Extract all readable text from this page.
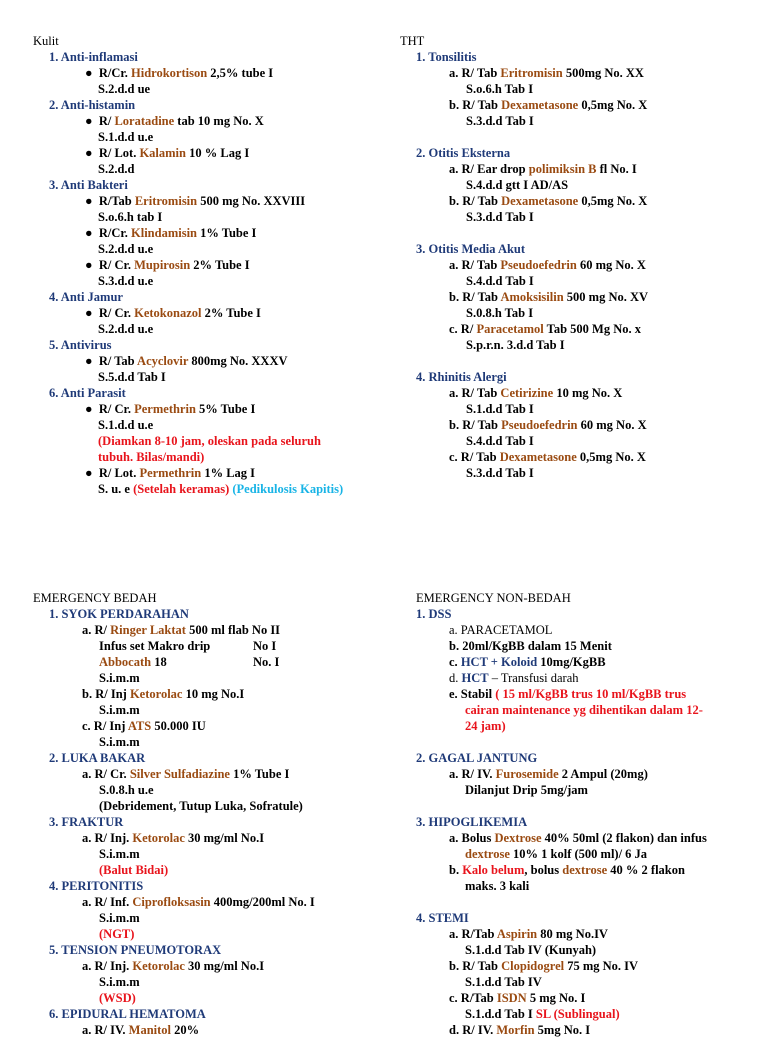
Kulit
1. Anti-inflamasi
●  R/Cr. Hidrokortison 2,5% tube I
S.2.d.d ue
2. Anti-histamin
●  R/ Loratadine tab 10 mg No. X
S.1.d.d u.e
●  R/ Lot. Kalamin 10 % Lag I
S.2.d.d
3. Anti Bakteri
●  R/Tab Eritromisin 500 mg No. XXVIII
S.o.6.h tab I
●  R/Cr. Klindamisin 1% Tube I
S.2.d.d u.e
●  R/ Cr. Mupirosin 2% Tube I
S.3.d.d u.e
4. Anti Jamur
●  R/ Cr. Ketokonazol 2% Tube I
S.2.d.d u.e
5. Antivirus
●  R/ Tab Acyclovir 800mg No. XXXV
S.5.d.d Tab I
6. Anti Parasit
●  R/ Cr. Permethrin 5% Tube I
S.1.d.d u.e
(Diamkan 8-10 jam, oleskan pada seluruh
tubuh. Bilas/mandi)
●  R/ Lot. Permethrin 1% Lag I
S. u. e (Setelah keramas) (Pedikulosis Kapitis)
THT
1. Tonsilitis
a. R/ Tab Eritromisin 500mg No. XX
S.o.6.h Tab I
b. R/ Tab Dexametasone 0,5mg No. X
S.3.d.d Tab I
2. Otitis Eksterna
a. R/ Ear drop polimiksin B fl No. I
S.4.d.d gtt I AD/AS
b. R/ Tab Dexametasone 0,5mg No. X
S.3.d.d Tab I
3. Otitis Media Akut
a. R/ Tab Pseudoefedrin 60 mg No. X
S.4.d.d Tab I
b. R/ Tab Amoksisilin 500 mg No. XV
S.0.8.h Tab I
c. R/ Paracetamol Tab 500 Mg No. x
S.p.r.n. 3.d.d Tab I
4. Rhinitis Alergi
a. R/ Tab Cetirizine 10 mg No. X
S.1.d.d Tab I
b. R/ Tab Pseudoefedrin 60 mg No. X
S.4.d.d Tab I
c. R/ Tab Dexametasone 0,5mg No. X
S.3.d.d Tab I
EMERGENCY BEDAH
1. SYOK PERDARAHAN
a. R/ Ringer Laktat 500 ml flab No II
Infus set Makro drip	No I
Abbocath 18	No. I
S.i.m.m
b. R/ Inj Ketorolac 10 mg No.I
S.i.m.m
c. R/ Inj ATS 50.000 IU
S.i.m.m
2. LUKA BAKAR
a. R/ Cr. Silver Sulfadiazine 1% Tube I
S.0.8.h u.e
(Debridement, Tutup Luka, Sofratule)
3. FRAKTUR
a. R/ Inj. Ketorolac 30 mg/ml No.I
S.i.m.m
(Balut Bidai)
4. PERITONITIS
a. R/ Inf. Ciprofloksasin 400mg/200ml No. I
S.i.m.m
(NGT)
5. TENSION PNEUMOTORAX
a. R/ Inj. Ketorolac 30 mg/ml No.I
S.i.m.m
(WSD)
6. EPIDURAL HEMATOMA
a. R/ IV. Manitol 20%
EMERGENCY NON-BEDAH
1. DSS
a. PARACETAMOL
b. 20ml/KgBB dalam 15 Menit
c. HCT + Koloid 10mg/KgBB
d. HCT – Transfusi darah
e. Stabil ( 15 ml/KgBB trus 10 ml/KgBB trus
cairan maintenance yg dihentikan dalam 12-
24 jam)
2. GAGAL JANTUNG
a. R/ IV. Furosemide 2 Ampul (20mg)
Dilanjut Drip 5mg/jam
3. HIPOGLIKEMIA
a. Bolus Dextrose 40% 50ml (2 flakon) dan infus
dextrose 10% 1 kolf (500 ml)/ 6 Ja
b. Kalo belum, bolus dextrose 40 % 2 flakon
maks. 3 kali
4. STEMI
a. R/Tab Aspirin 80 mg No.IV
S.1.d.d Tab IV (Kunyah)
b. R/ Tab Clopidogrel 75 mg No. IV
S.1.d.d Tab IV
c. R/Tab ISDN 5 mg No. I
S.1.d.d Tab I SL (Sublingual)
d. R/ IV. Morfin 5mg No. I
